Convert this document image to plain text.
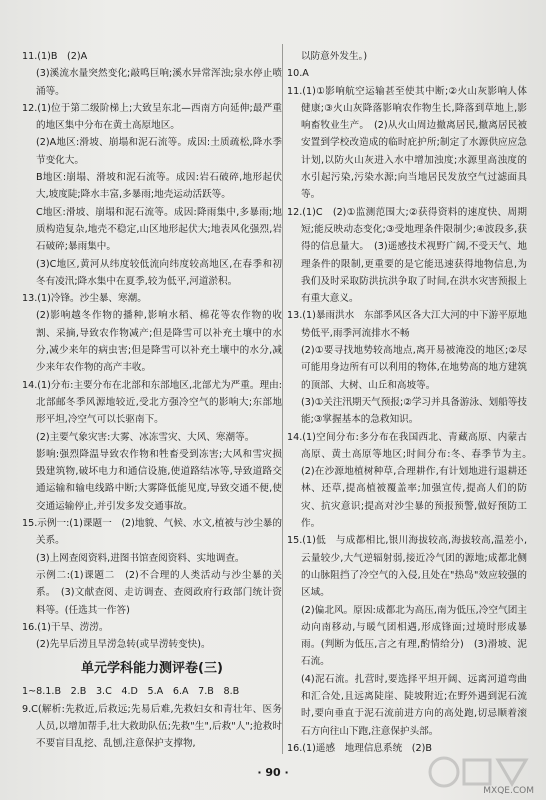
11.(1)B　(2)A

(3)溪流水量突然变化;敲鸣巨响;溪水异常浑浊;泉水停止喷涌等。

12.(1)位于第二级阶梯上;大致呈东北—西南方向延伸;最严重的地区集中分布在黄土高原地区。

(2)A地区:滑坡、崩塌和泥石流等。成因:土质疏松,降水季节变化大。

B地区:崩塌、滑坡和泥石流等。成因:岩石破碎,地形起伏大,坡度陡;降水丰富,多暴雨;地壳运动活跃等。

C地区:滑坡、崩塌和泥石流等。成因:降雨集中,多暴雨;地质构造复杂,地壳不稳定,山区地形起伏大;地表风化强烈,岩石破碎;暴雨集中。

(3)C地区,黄河从纬度较低流向纬度较高地区,在春季和初冬有凌汛;降水集中在夏季,较为低平,河道淤积。

13.(1)冷锋。沙尘暴、寒潮。

(2)影响越冬作物的播种,影响水稻、棉花等农作物的收割、采摘,导致农作物减产;但是降雪可以补充土壤中的水分,减少来年的病虫害;但是降雪可以补充土壤中的水分,减少来年农作物的高产丰收。

14.(1)分布:主要分布在北部和东部地区,北部尤为严重。理由:北部邮冬季风源地较近,受北方强冷空气的影响大;东部地形平坦,冷空气可以长驱南下。

(2)主要气象灾害:大雾、冰冻雪灾、大风、寒潮等。

影响:强烈降温导致农作物和牲畜受到冻害;大风和雪灾损毁建筑物,破坏电力和通信设施,使道路结冰等,导致道路交通运输和输电线路中断;大雾降低能见度,导致交通不便,使交通运输停止,并引发多发交通事故。

15.示例一:(1)课题一　(2)地貌、气候、水文,植被与沙尘暴的关系。

(3)上网查阅资料,进图书馆查阅资料、实地调查。

示例二:(1)课题二　(2)不合理的人类活动与沙尘暴的关系。　(3)文献查阅、走访调查、查阅政府行政部门统计资料等。(任选其一作答)

16.(1)干旱、涝涝。

(2)先旱后涝且旱涝急转(或旱涝转变快)。

单元学科能力测评卷(三)

1~8.1.B　2.B　3.C　4.D　5.A　6.A　7.B　8.B

9.C(解析:先救近,后救远;先易后难,先救妇女和青壮年、医务人员,以增加帮手,壮大救助队伍;先救"生",后救"人";抢救时不要盲目乱挖、乱刨,注意保护支撑物,

以防意外发生。)

10.A

11.(1)①影响航空运输甚至使其中断;②火山灰影响人体健康;③火山灰降落影响农作物生长,降落到草地上,影响畜牧业生产。　(2)从火山周边撤离居民,撤离居民被安置到学校改造成的临时庇护所;制定了水源供应应急计划,以防火山灰进入水中增加浊度;水源里高浊度的水引起污染,污染水源;向当地居民发放空气过滤面具等。

12.(1)C　(2)①监测范围大;②获得资料的速度快、周期短;能反映动态变化;③受地理条件限制少;④波段多,获得的信息量大。　(3)遥感技术视野广阔,不受天气、地理条件的限制,更重要的是它能迅速获得地物信息,为我们及时采取防洪抗洪争取了时间,在洪水灾害预报上有重大意义。

13.(1)暴雨洪水　东部季风区各大江大河的中下游平原地势低平,雨季河流排水不畅

(2)①要寻找地势较高地点,离开易被淹没的地区;②尽可能用身边所有可以利用的物体,在地势高的地方建筑的顶部、大树、山丘和高坡等。

(3)①关注汛期天气预报;②学习并具备游泳、划船等技能;③掌握基本的急救知识。

14.(1)空间分布:多分布在我国西北、青藏高原、内蒙古高原、黄土高原等地区;时间分布:冬、春季节为主。　(2)在沙源地植树种草,合理耕作,有计划地进行退耕还林、还草,提高植被覆盖率;加强宣传,提高人们的防灾、抗灾意识;提高对沙尘暴的预报预警,做好预防工作。

15.(1)低　与成都相比,银川海拔较高,海拔较高,温差小,云量较少,大气逆辐射弱,接近冷气团的源地;成都北侧的山脉阻挡了冷空气的入侵,且处在"热岛"效应较强的区域。

(2)偏北风。原因:成都北为高压,南为低压,冷空气团主动向南移动,与暖气团相遇,形成锋面;过境时形成暴雨。(判断为低压,言之有理,酌情给分)　(3)滑坡、泥石流。

(4)泥石流。扎营时,要选择平坦开阔、远离河道弯曲和汇合处,且远离陡崖、陡坡附近;在野外遇到泥石流时,要向垂直于泥石流前进方向的高处跑,切忌顺着滚石方向往山下跑,注意保护头部。

16.(1)遥感　地理信息系统　(2)B

· 90 ·
MXQE.COM
